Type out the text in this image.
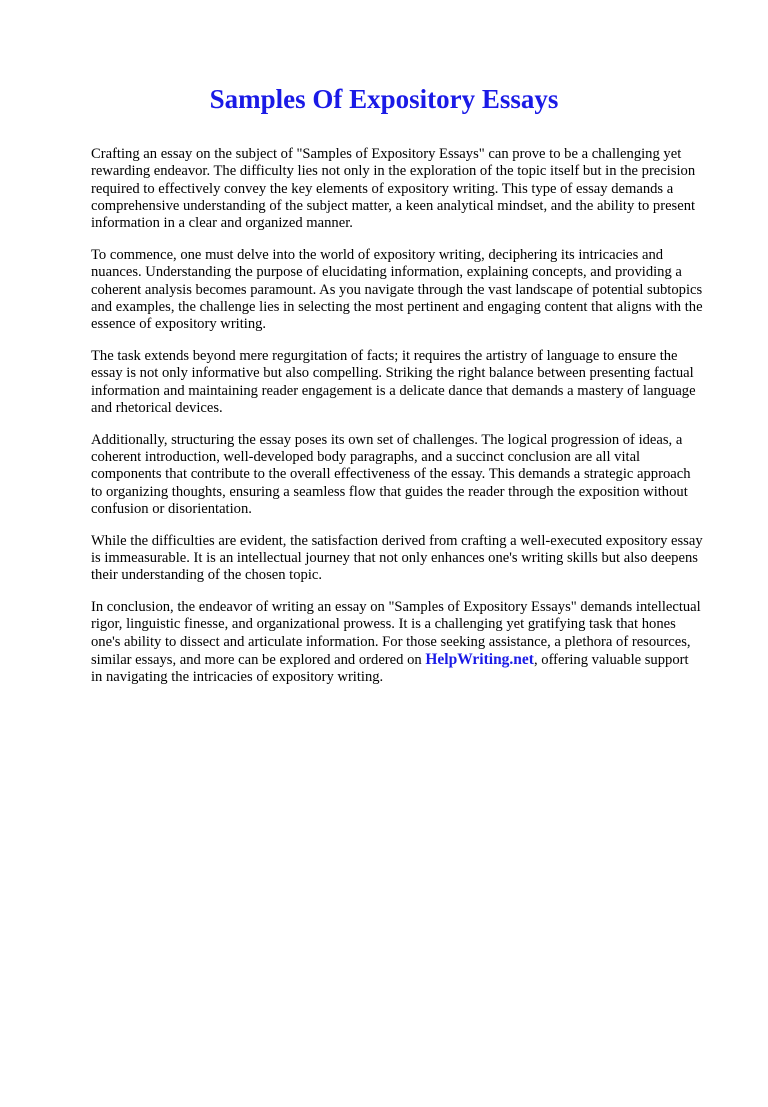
Samples Of Expository Essays

Crafting an essay on the subject of "Samples of Expository Essays" can prove to be a challenging yet rewarding endeavor. The difficulty lies not only in the exploration of the topic itself but in the precision required to effectively convey the key elements of expository writing. This type of essay demands a comprehensive understanding of the subject matter, a keen analytical mindset, and the ability to present information in a clear and organized manner.

To commence, one must delve into the world of expository writing, deciphering its intricacies and nuances. Understanding the purpose of elucidating information, explaining concepts, and providing a coherent analysis becomes paramount. As you navigate through the vast landscape of potential subtopics and examples, the challenge lies in selecting the most pertinent and engaging content that aligns with the essence of expository writing.

The task extends beyond mere regurgitation of facts; it requires the artistry of language to ensure the essay is not only informative but also compelling. Striking the right balance between presenting factual information and maintaining reader engagement is a delicate dance that demands a mastery of language and rhetorical devices.

Additionally, structuring the essay poses its own set of challenges. The logical progression of ideas, a coherent introduction, well-developed body paragraphs, and a succinct conclusion are all vital components that contribute to the overall effectiveness of the essay. This demands a strategic approach to organizing thoughts, ensuring a seamless flow that guides the reader through the exposition without confusion or disorientation.

While the difficulties are evident, the satisfaction derived from crafting a well-executed expository essay is immeasurable. It is an intellectual journey that not only enhances one's writing skills but also deepens their understanding of the chosen topic.

In conclusion, the endeavor of writing an essay on "Samples of Expository Essays" demands intellectual rigor, linguistic finesse, and organizational prowess. It is a challenging yet gratifying task that hones one's ability to dissect and articulate information. For those seeking assistance, a plethora of resources, similar essays, and more can be explored and ordered on HelpWriting.net, offering valuable support in navigating the intricacies of expository writing.
